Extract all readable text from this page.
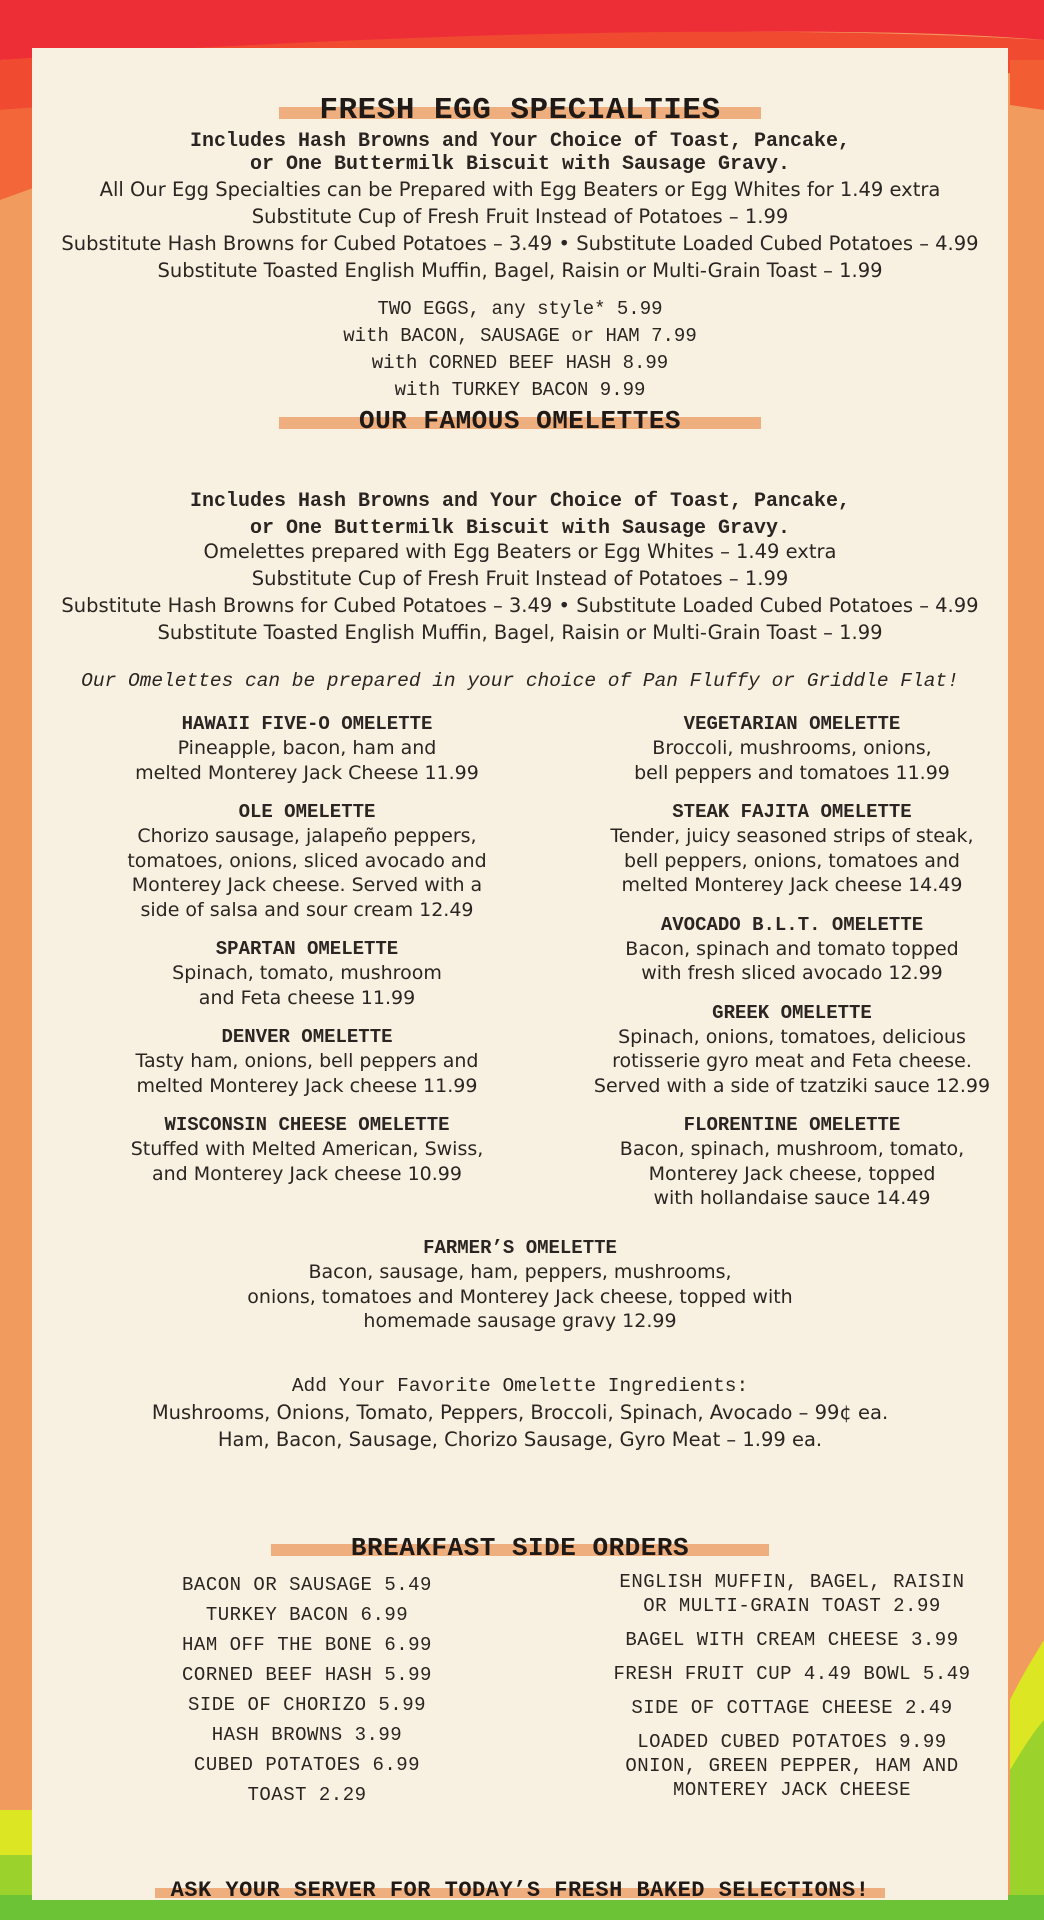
FRESH EGG SPECIALTIES
Includes Hash Browns and Your Choice of Toast, Pancake,
or One Buttermilk Biscuit with Sausage Gravy.
All Our Egg Specialties can be Prepared with Egg Beaters or Egg Whites for 1.49 extra
Substitute Cup of Fresh Fruit Instead of Potatoes – 1.99
Substitute Hash Browns for Cubed Potatoes – 3.49 • Substitute Loaded Cubed Potatoes – 4.99
Substitute Toasted English Muffin, Bagel, Raisin or Multi-Grain Toast – 1.99
TWO EGGS, any style* 5.99
with BACON, SAUSAGE or HAM 7.99
with CORNED BEEF HASH 8.99
with TURKEY BACON 9.99
OUR FAMOUS OMELETTES
Includes Hash Browns and Your Choice of Toast, Pancake,
or One Buttermilk Biscuit with Sausage Gravy.
Omelettes prepared with Egg Beaters or Egg Whites – 1.49 extra
Substitute Cup of Fresh Fruit Instead of Potatoes – 1.99
Substitute Hash Browns for Cubed Potatoes – 3.49 • Substitute Loaded Cubed Potatoes – 4.99
Substitute Toasted English Muffin, Bagel, Raisin or Multi-Grain Toast – 1.99
Our Omelettes can be prepared in your choice of Pan Fluffy or Griddle Flat!
HAWAII FIVE-O OMELETTE
Pineapple, bacon, ham and
melted Monterey Jack Cheese 11.99
OLE OMELETTE
Chorizo sausage, jalapeño peppers,
tomatoes, onions, sliced avocado and
Monterey Jack cheese. Served with a
side of salsa and sour cream 12.49
SPARTAN OMELETTE
Spinach, tomato, mushroom
and Feta cheese 11.99
DENVER OMELETTE
Tasty ham, onions, bell peppers and
melted Monterey Jack cheese 11.99
WISCONSIN CHEESE OMELETTE
Stuffed with Melted American, Swiss,
and Monterey Jack cheese 10.99
VEGETARIAN OMELETTE
Broccoli, mushrooms, onions,
bell peppers and tomatoes 11.99
STEAK FAJITA OMELETTE
Tender, juicy seasoned strips of steak,
bell peppers, onions, tomatoes and
melted Monterey Jack cheese 14.49
AVOCADO B.L.T. OMELETTE
Bacon, spinach and tomato topped
with fresh sliced avocado 12.99
GREEK OMELETTE
Spinach, onions, tomatoes, delicious
rotisserie gyro meat and Feta cheese.
Served with a side of tzatziki sauce 12.99
FLORENTINE OMELETTE
Bacon, spinach, mushroom, tomato,
Monterey Jack cheese, topped
with hollandaise sauce 14.49
FARMER’S OMELETTE
Bacon, sausage, ham, peppers, mushrooms,
onions, tomatoes and Monterey Jack cheese, topped with
homemade sausage gravy 12.99
Add Your Favorite Omelette Ingredients:
Mushrooms, Onions, Tomato, Peppers, Broccoli, Spinach, Avocado – 99¢ ea.
Ham, Bacon, Sausage, Chorizo Sausage, Gyro Meat – 1.99 ea.
BREAKFAST SIDE ORDERS
BACON OR SAUSAGE 5.49
TURKEY BACON 6.99
HAM OFF THE BONE 6.99
CORNED BEEF HASH 5.99
SIDE OF CHORIZO 5.99
HASH BROWNS 3.99
CUBED POTATOES 6.99
TOAST 2.29
ENGLISH MUFFIN, BAGEL, RAISIN
OR MULTI-GRAIN TOAST 2.99
BAGEL WITH CREAM CHEESE 3.99
FRESH FRUIT CUP 4.49 BOWL 5.49
SIDE OF COTTAGE CHEESE 2.49
LOADED CUBED POTATOES 9.99
ONION, GREEN PEPPER, HAM AND
MONTEREY JACK CHEESE
ASK YOUR SERVER FOR TODAY’S FRESH BAKED SELECTIONS!
